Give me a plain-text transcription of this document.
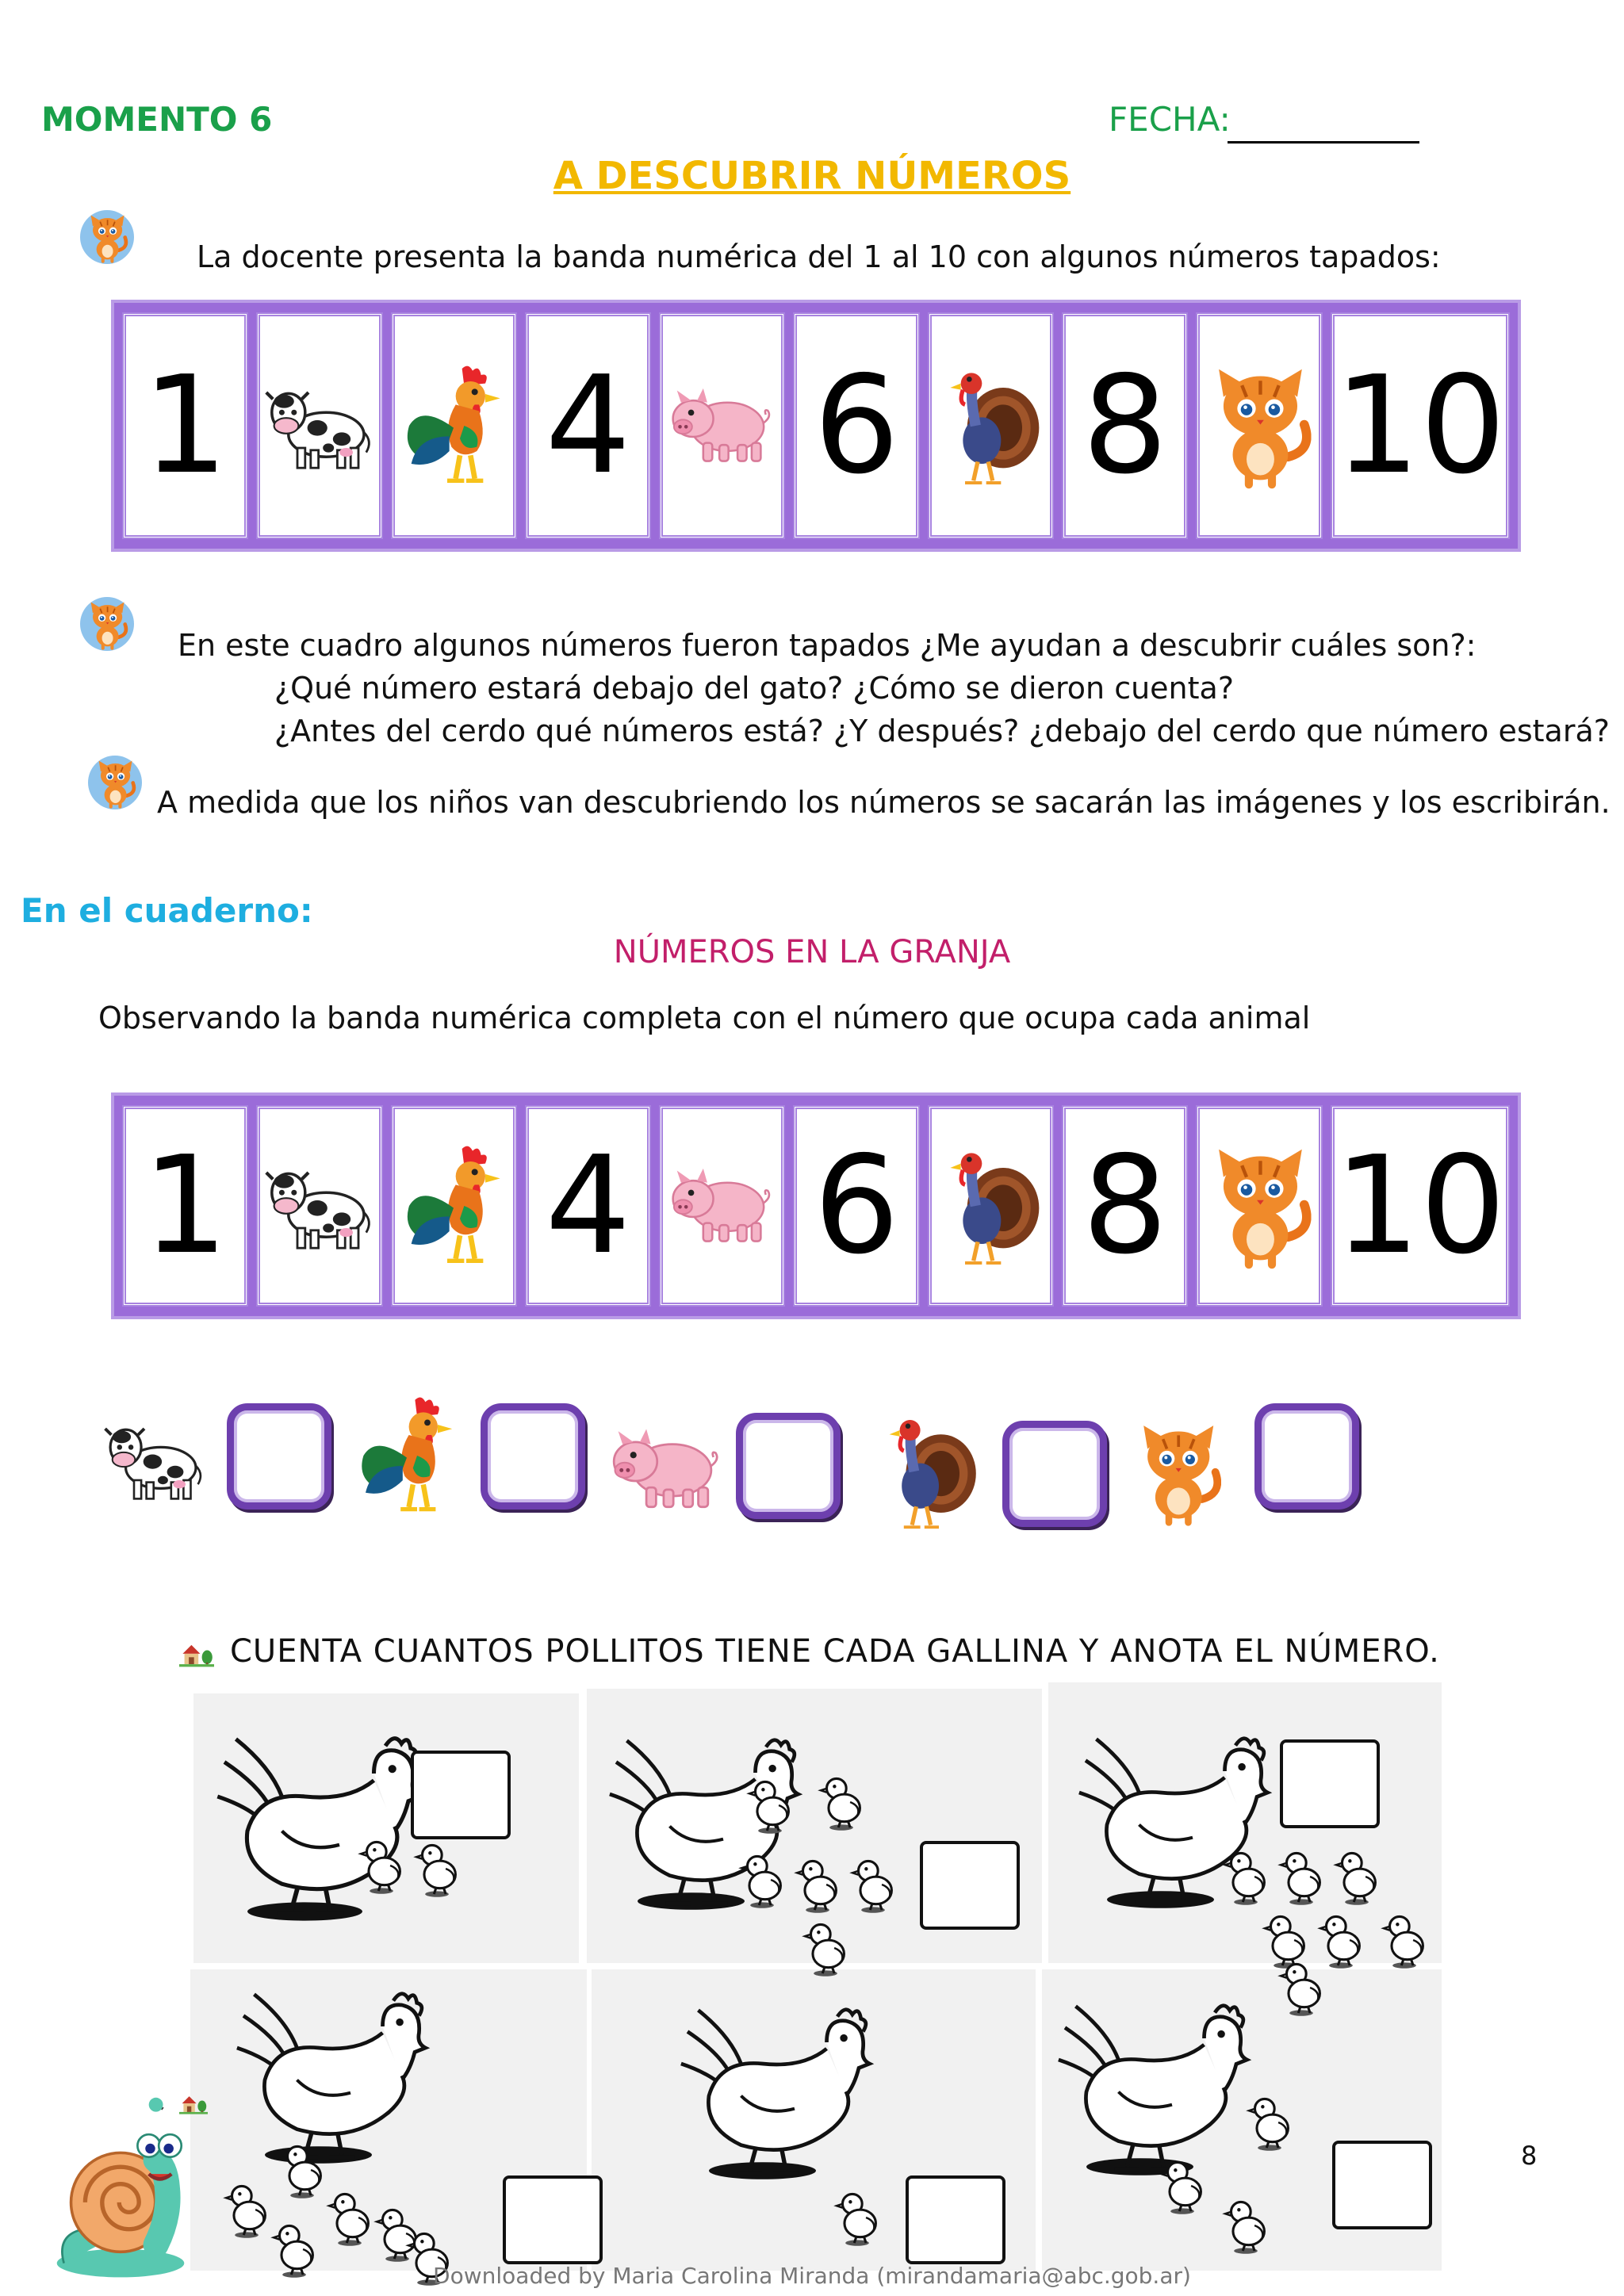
MOMENTO 6	FECHA:
A DESCUBRIR NÚMEROS
La docente presenta la banda numérica del 1 al 10 con algunos números tapados:
1 4 6 8 10
En este cuadro algunos números fueron tapados ¿Me ayudan a descubrir cuáles son?:
¿Qué número estará debajo del gato? ¿Cómo se dieron cuenta?
¿Antes del cerdo qué números está? ¿Y después? ¿debajo del cerdo que número estará?
A medida que los niños van descubriendo los números se sacarán las imágenes y los escribirán.
En el cuaderno:
NÚMEROS EN LA GRANJA
Observando la banda numérica completa con el número que ocupa cada animal
1 4 6 8 10
CUENTA CUANTOS POLLITOS TIENE CADA GALLINA Y ANOTA EL NÚMERO.
8
Downloaded by Maria Carolina Miranda (mirandamaria@abc.gob.ar)
